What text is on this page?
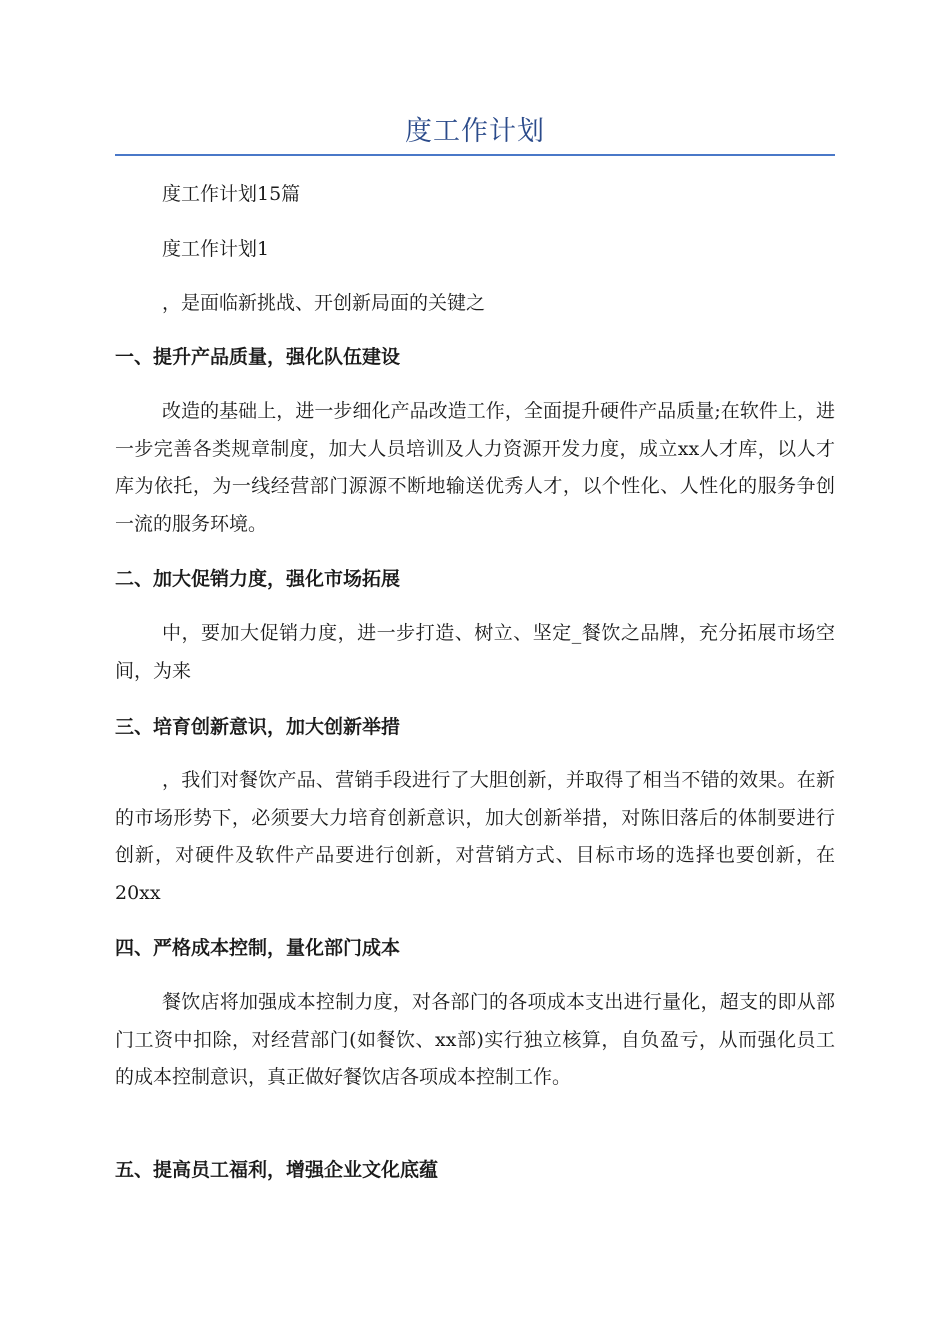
度工作计划
度工作计划15篇
度工作计划1
，是面临新挑战、开创新局面的关键之
一、提升产品质量，强化队伍建设

改造的基础上，进一步细化产品改造工作，全面提升硬件产品质量;在软件上，进一步完善各类规章制度，加大人员培训及人力资源开发力度，成立xx人才库，以人才库为依托，为一线经营部门源源不断地输送优秀人才，以个性化、人性化的服务争创一流的服务环境。

二、加大促销力度，强化市场拓展

中，要加大促销力度，进一步打造、树立、坚定_餐饮之品牌，充分拓展市场空间，为来

三、培育创新意识，加大创新举措

，我们对餐饮产品、营销手段进行了大胆创新，并取得了相当不错的效果。在新的市场形势下，必须要大力培育创新意识，加大创新举措，对陈旧落后的体制要进行创新，对硬件及软件产品要进行创新，对营销方式、目标市场的选择也要创新，在20xx

四、严格成本控制，量化部门成本

餐饮店将加强成本控制力度，对各部门的各项成本支出进行量化，超支的即从部门工资中扣除，对经营部门(如餐饮、xx部)实行独立核算，自负盈亏，从而强化员工的成本控制意识，真正做好餐饮店各项成本控制工作。

五、提高员工福利，增强企业文化底蕴
